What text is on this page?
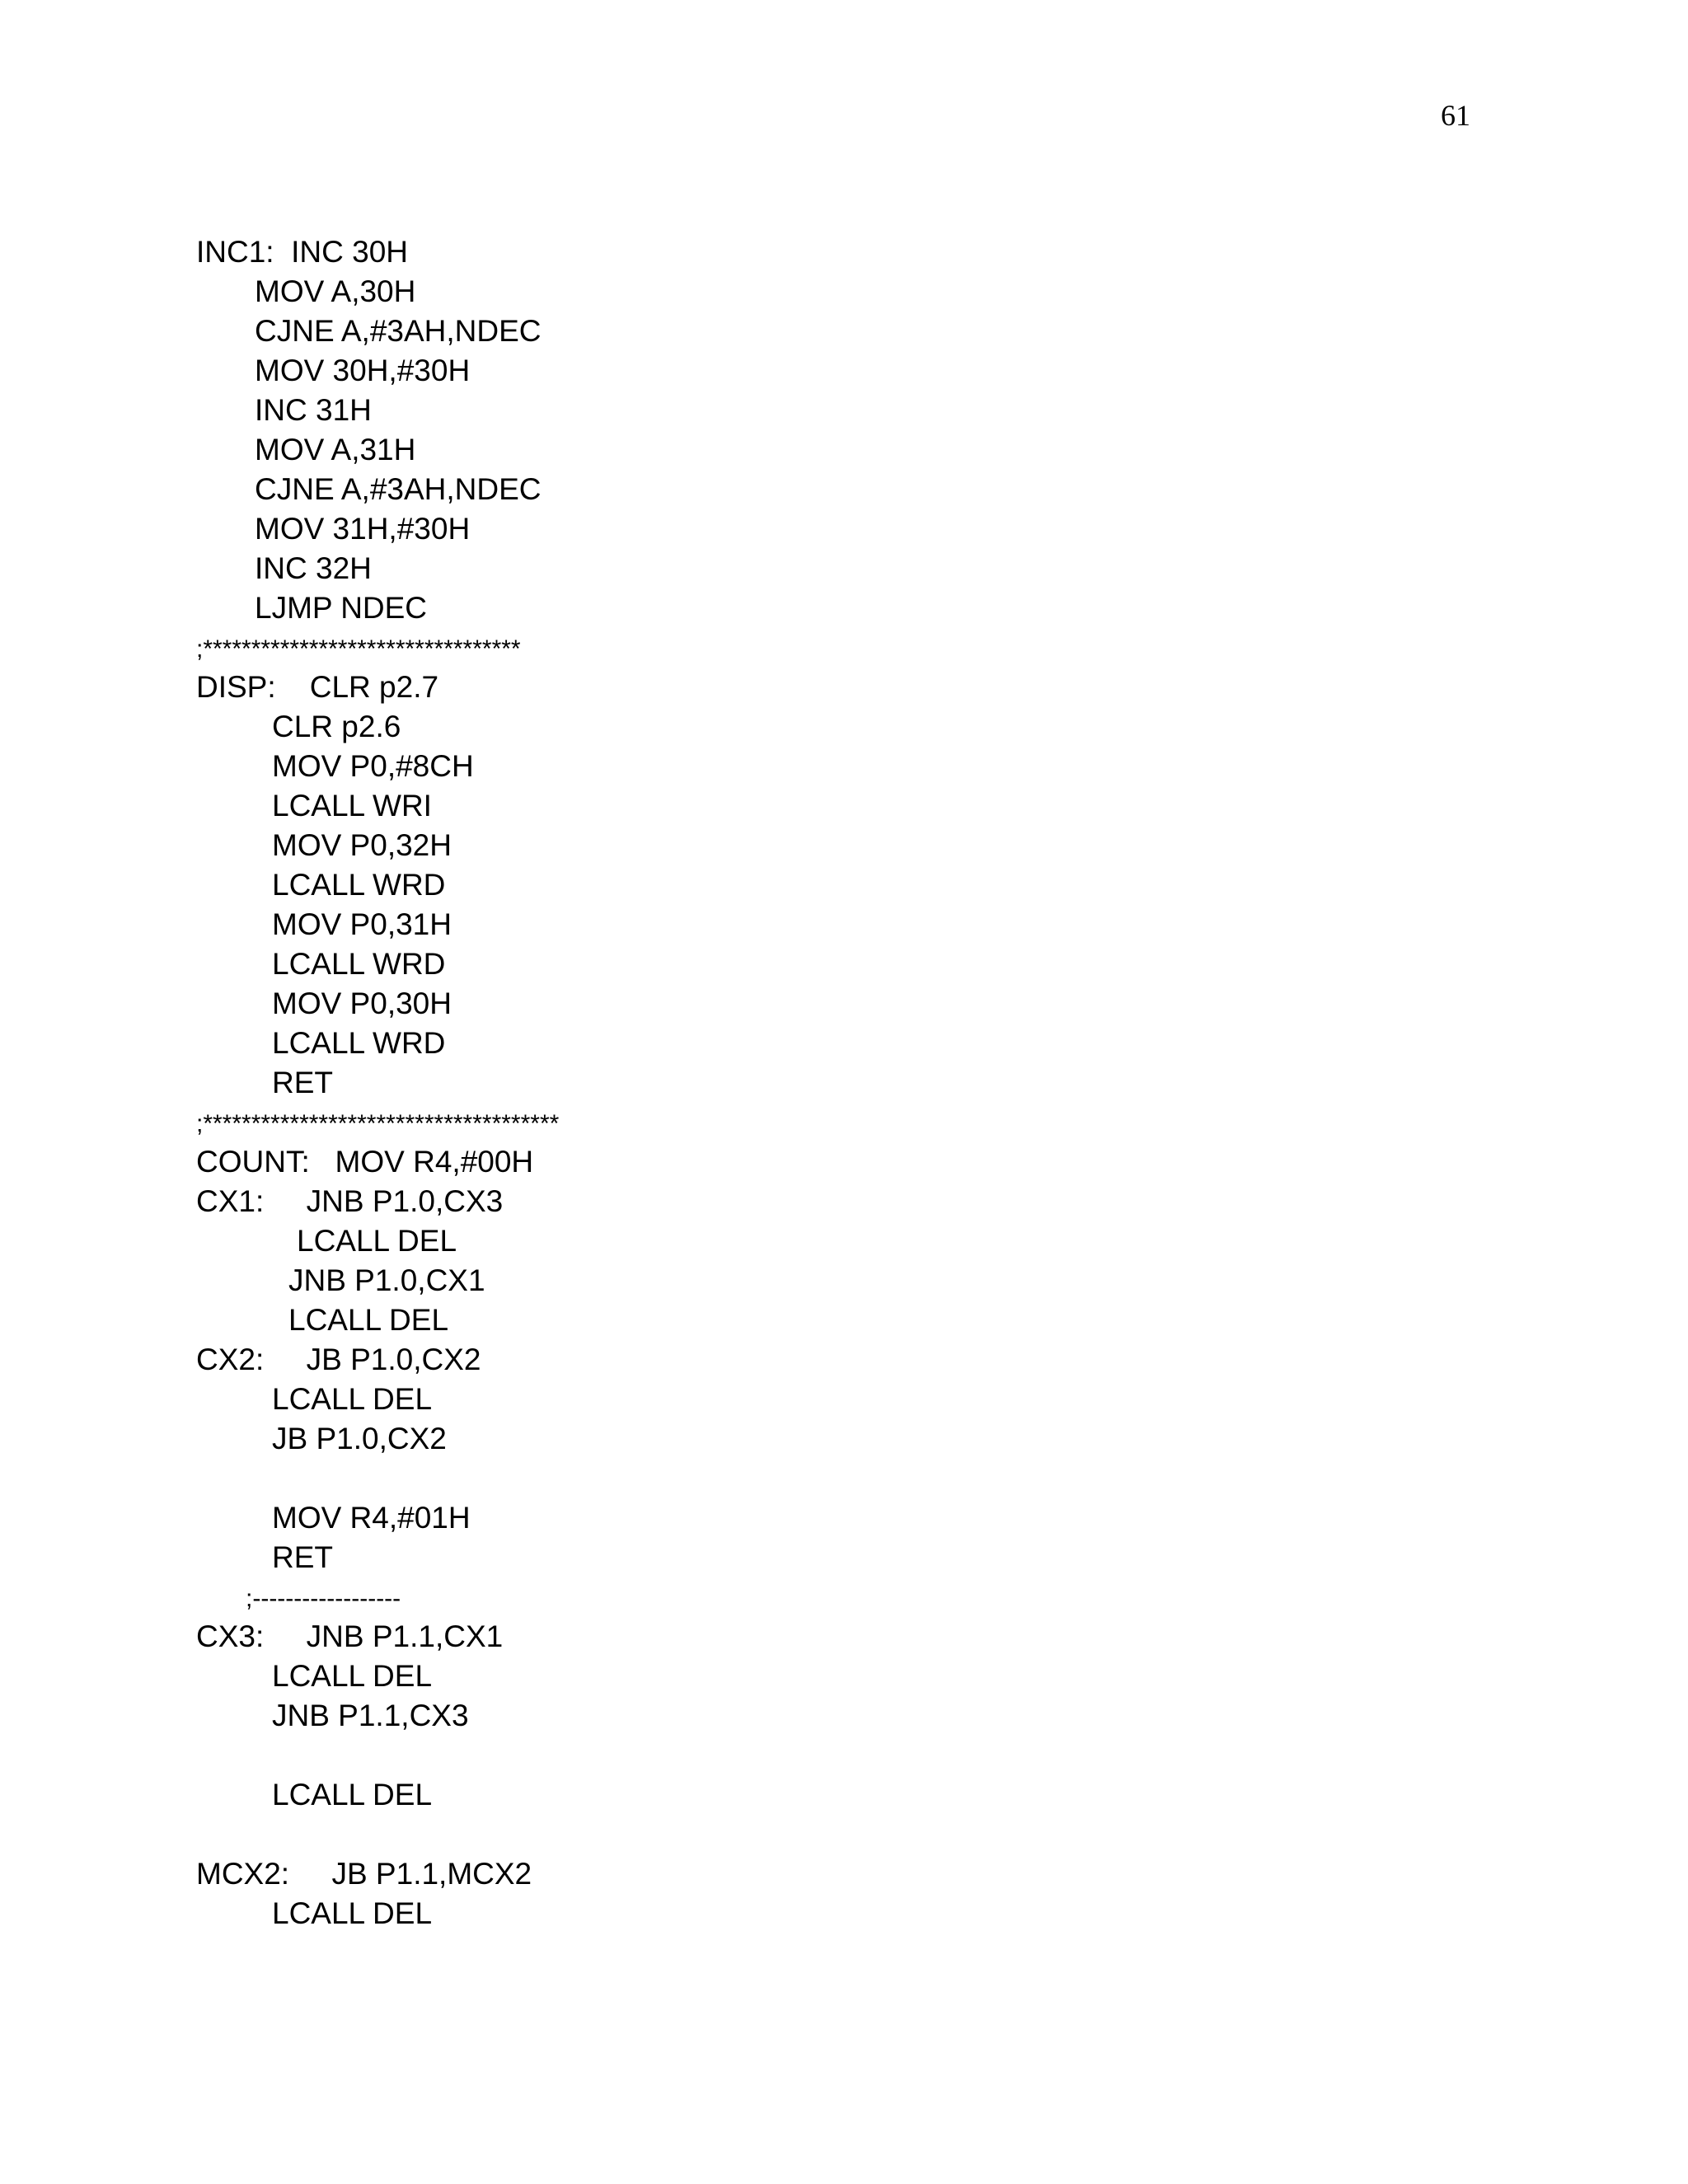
61
INC1:  INC 30H
MOV A,30H
CJNE A,#3AH,NDEC
MOV 30H,#30H
INC 31H
MOV A,31H
CJNE A,#3AH,NDEC
MOV 31H,#30H
INC 32H
LJMP NDEC
;*********************************
DISP:    CLR p2.7
CLR p2.6
MOV P0,#8CH
LCALL WRI
MOV P0,32H
LCALL WRD
MOV P0,31H
LCALL WRD
MOV P0,30H
LCALL WRD
RET
;*************************************
COUNT:   MOV R4,#00H
CX1:     JNB P1.0,CX3
LCALL DEL
JNB P1.0,CX1
LCALL DEL
CX2:     JB P1.0,CX2
LCALL DEL
JB P1.0,CX2
MOV R4,#01H
RET
;------------------
CX3:     JNB P1.1,CX1
LCALL DEL
JNB P1.1,CX3
LCALL DEL
MCX2:     JB P1.1,MCX2
LCALL DEL
